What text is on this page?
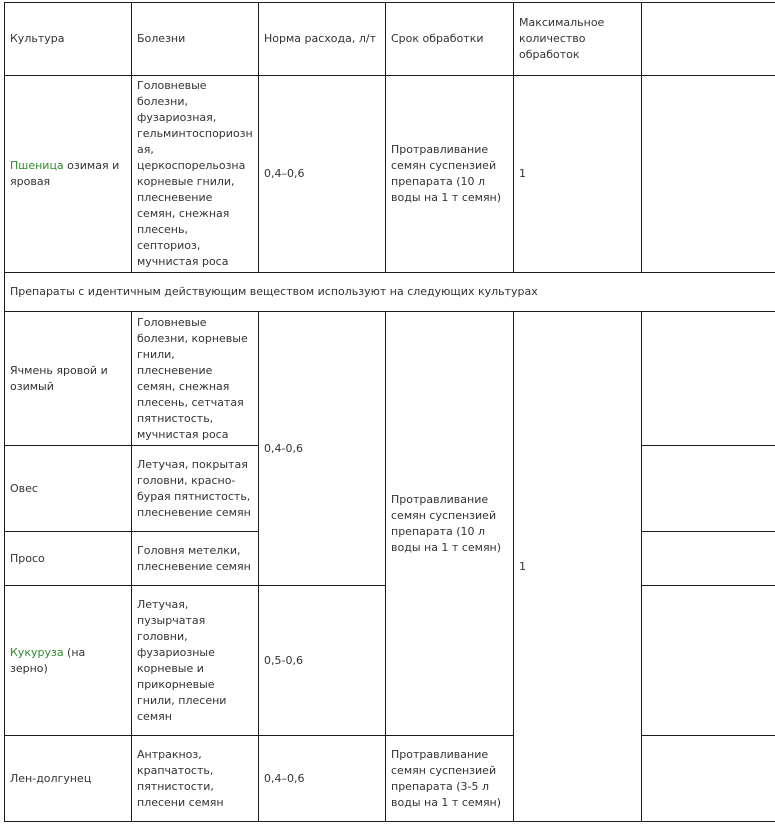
Культура	Болезни	Норма расхода, л/т	Срок обработки	Максимальное количество обработок	
Пшеница озимая и яровая	Головневые болезни, фузариозная, гельминтоспориозная, церкоспорельозна корневые гнили, плесневение семян, снежная плесень, септориоз, мучнистая роса	0,4–0,6	Протравливание семян суспензией препарата (10 л воды на 1 т семян)	1	
Препараты с идентичным действующим веществом используют на следующих культурах					
Ячмень яровой и озимый	Головневые болезни, корневые гнили, плесневение семян, снежная плесень, сетчатая пятнистость, мучнистая роса	0,4-0,6	Протравливание семян суспензией препарата (10 л воды на 1 т семян)	1	
Овес	Летучая, покрытая головни, красно-бурая пятнистость, плесневение семян				
Просо	Головня метелки, плесневение семян				
Кукуруза (на зерно)	Летучая, пузырчатая головни, фузариозные корневые и прикорневые гнили, плесени семян	0,5-0,6			
Лен-долгунец	Антракноз, крапчатость, пятнистости, плесени семян	0,4–0,6	Протравливание семян суспензией препарата (3-5 л воды на 1 т семян)		
